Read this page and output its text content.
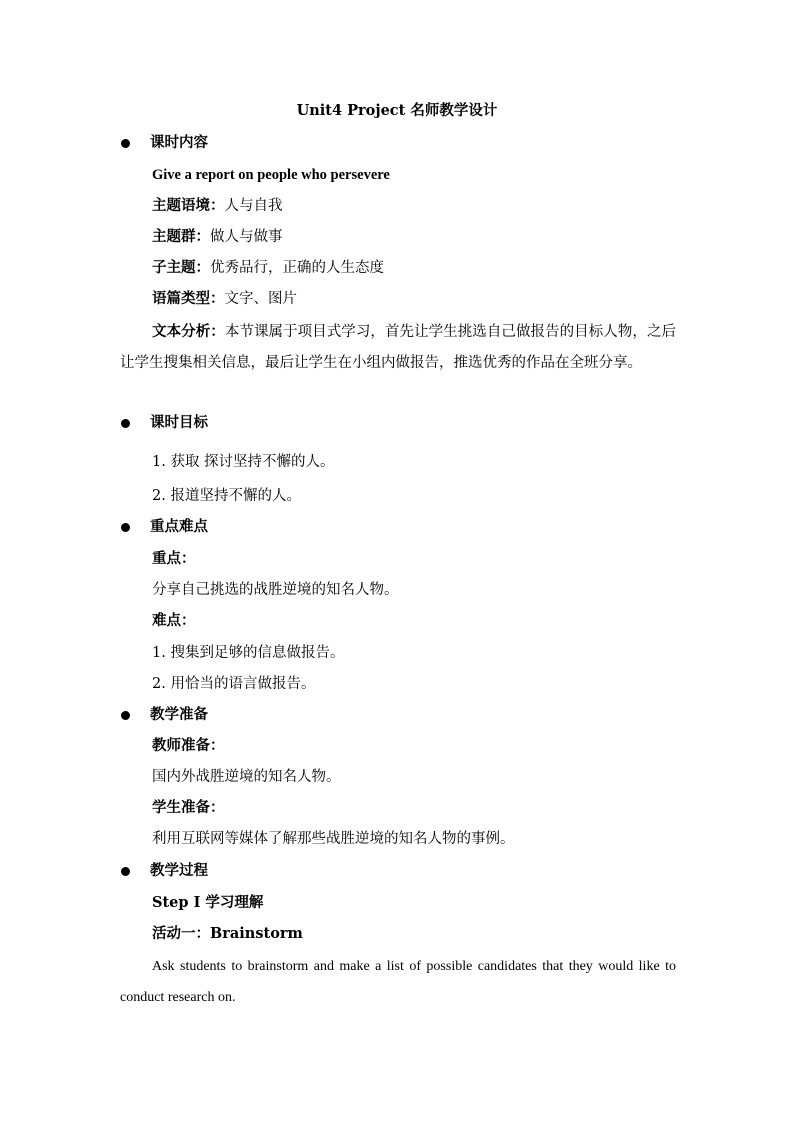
Unit4 Project 名师教学设计
课时内容
Give a report on people who persevere
主题语境：人与自我
主题群：做人与做事
子主题：优秀品行，正确的人生态度
语篇类型：文字、图片
文本分析：本节课属于项目式学习，首先让学生挑选自己做报告的目标人物，之后让学生搜集相关信息，最后让学生在小组内做报告，推选优秀的作品在全班分享。
课时目标
1. 获取 探讨坚持不懈的人。
2. 报道坚持不懈的人。
重点难点
重点：
分享自己挑选的战胜逆境的知名人物。
难点：
1. 搜集到足够的信息做报告。
2. 用恰当的语言做报告。
教学准备
教师准备：
国内外战胜逆境的知名人物。
学生准备：
利用互联网等媒体了解那些战胜逆境的知名人物的事例。
教学过程
Step I 学习理解
活动一：Brainstorm
Ask students to brainstorm and make a list of possible candidates that they would like to conduct research on.
